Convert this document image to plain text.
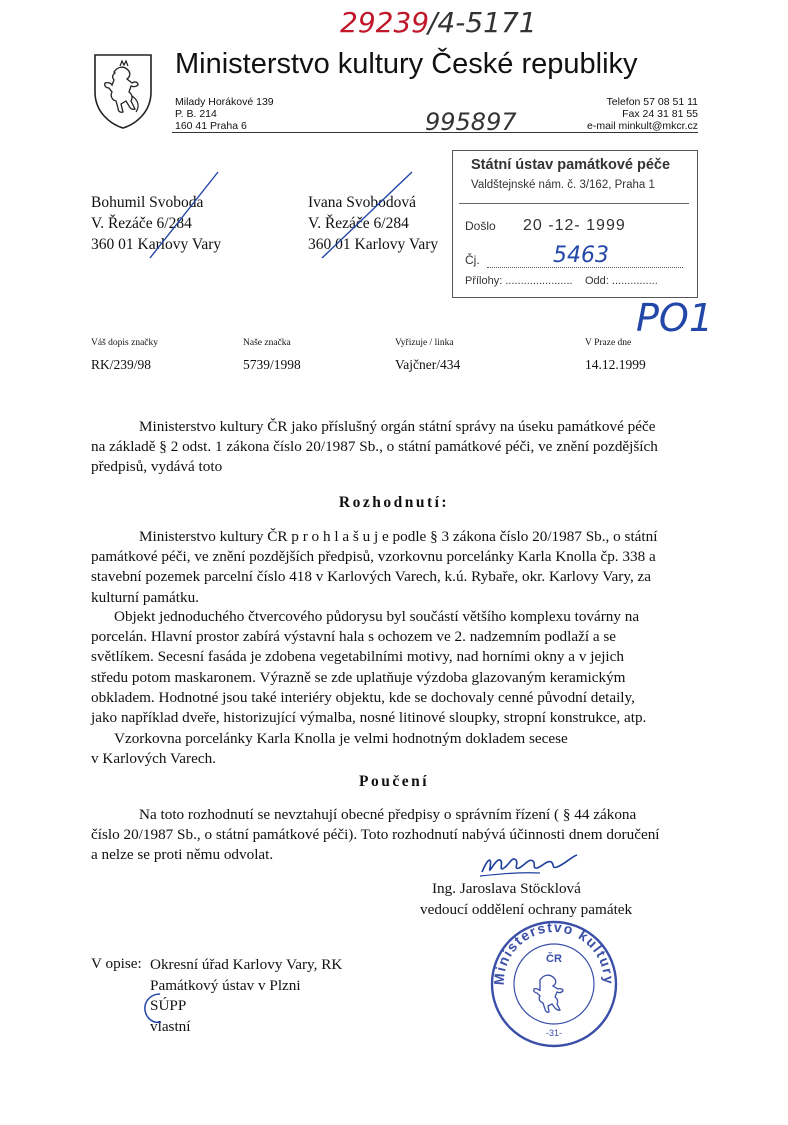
29239
/4-5171
Ministerstvo kultury České republiky
Milady Horákové 139
P. B. 214
160 41 Praha 6
Telefon 57 08 51 11
Fax 24 31 81 55
e-mail minkult@mkcr.cz
995897
Bohumil Svoboda
V. Řezáče 6/284
360 01 Karlovy Vary
Ivana Svobodová
V. Řezáče 6/284
360 01 Karlovy Vary
Státní ústav památkové péče
Valdštejnské nám. č. 3/162, Praha 1
Došlo 20 -12- 1999
Čj.	5463
Přílohy: ...................... Odd: ...............
PO1
Váš dopis značky	Naše značka	Vyřizuje / linka	V Praze dne
RK/239/98	5739/1998	Vajčner/434	14.12.1999
Ministerstvo kultury ČR jako příslušný orgán státní správy na úseku památkové péče
na základě § 2 odst. 1 zákona číslo 20/1987 Sb., o státní památkové péči, ve znění pozdějších
předpisů, vydává toto
Rozhodnutí:
Ministerstvo kultury ČR p r o h l a š u j e podle § 3 zákona číslo 20/1987 Sb., o státní
památkové péči, ve znění pozdějších předpisů, vzorkovnu porcelánky Karla Knolla čp. 338 a
stavební pozemek parcelní číslo 418 v Karlových Varech, k.ú. Rybaře, okr. Karlovy Vary, za
kulturní památku.
Objekt jednoduchého čtvercového půdorysu byl součástí většího komplexu továrny na
porcelán. Hlavní prostor zabírá výstavní hala s ochozem ve 2. nadzemním podlaží a se
světlíkem. Secesní fasáda je zdobena vegetabilními motivy, nad horními okny a v jejich
středu potom maskaronem. Výrazně se zde uplatňuje výzdoba glazovaným keramickým
obkladem. Hodnotné jsou také interiéry objektu, kde se dochovaly cenné původní detaily,
jako například dveře, historizující výmalba, nosné litinové sloupky, stropní konstrukce, atp.
Vzorkovna porcelánky Karla Knolla je velmi hodnotným dokladem secese
v Karlových Varech.
Poučení
Na toto rozhodnutí se nevztahují obecné předpisy o správním řízení ( § 44 zákona
číslo 20/1987 Sb., o státní památkové péči). Toto rozhodnutí nabývá účinnosti dnem doručení
a nelze se proti němu odvolat.
Ing. Jaroslava Stöcklová
vedoucí oddělení ochrany památek
V opise: Okresní úřad Karlovy Vary, RK
Památkový ústav v Plzni
SÚPP
vlastní
Ministerstvo kultury
ČR
-31-
